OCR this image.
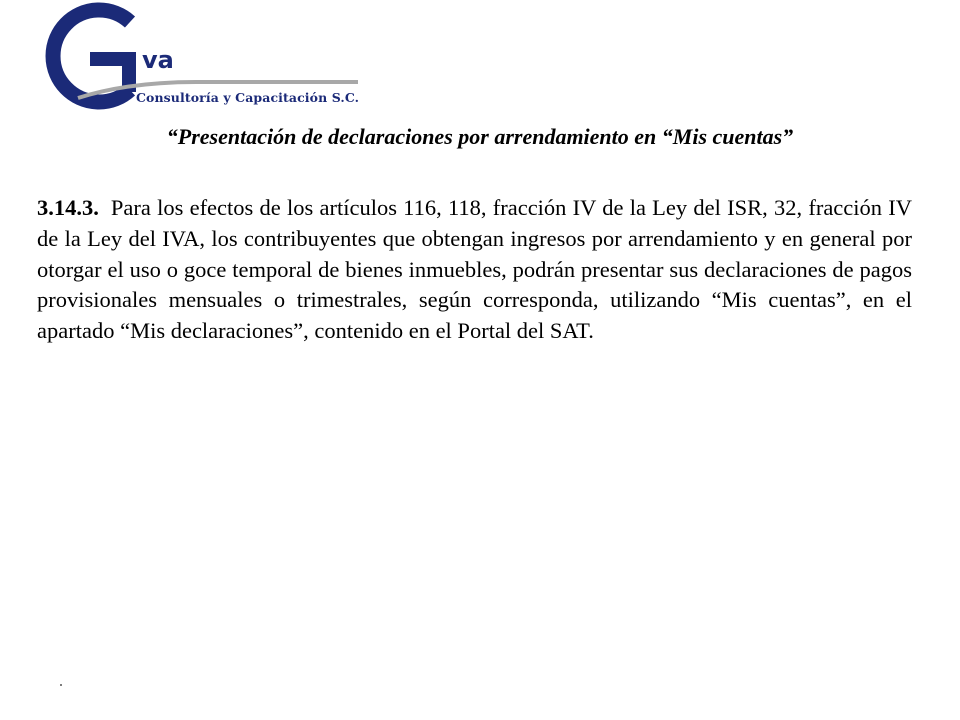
va
Consultoría y Capacitación S.C.
“Presentación de declaraciones por arrendamiento en “Mis cuentas”

3.14.3. Para los efectos de los artículos 116, 118, fracción IV de la Ley del ISR, 32, fracción IV de la Ley del IVA, los contribuyentes que obtengan ingresos por arrendamiento y en general por otorgar el uso o goce temporal de bienes inmuebles, podrán presentar sus declaraciones de pagos provisionales mensuales o trimestrales, según corresponda, utilizando “Mis cuentas”, en el apartado “Mis declaraciones”, contenido en el Portal del SAT.
